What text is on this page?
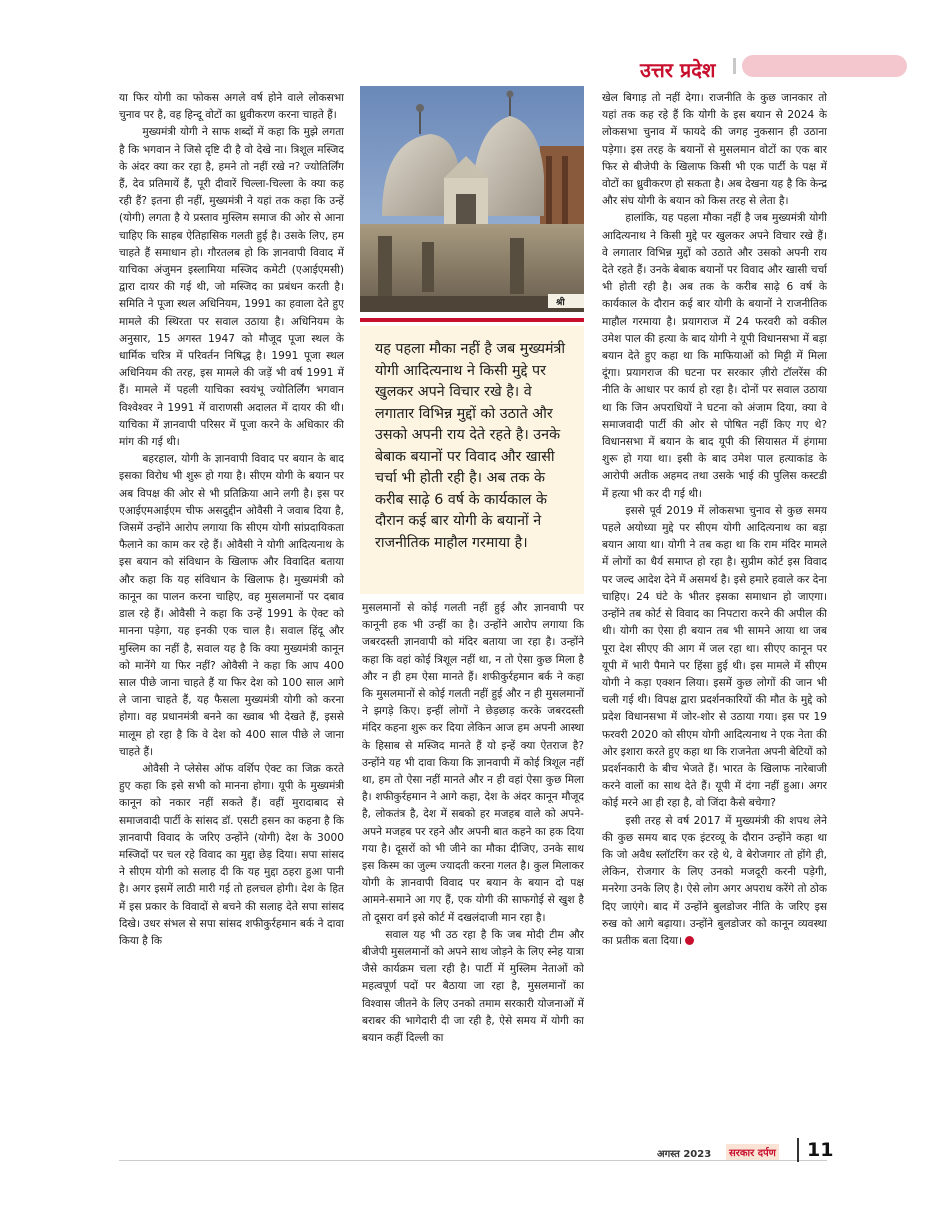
उत्तर प्रदेश

या फिर योगी का फोकस अगले वर्ष होने वाले लोकसभा चुनाव पर है, वह हिन्दू वोटों का ध्रुवीकरण करना चाहते हैं।

मुख्यमंत्री योगी ने साफ शब्दों में कहा कि मुझे लगता है कि भगवान ने जिसे दृष्टि दी है वो देखे ना। त्रिशूल मस्जिद के अंदर क्या कर रहा है, हमने तो नहीं रखे न? ज्योतिर्लिंग हैं, देव प्रतिमायें हैं, पूरी दीवारें चिल्ला-चिल्ला के क्या कह रही हैं? इतना ही नहीं, मुख्यमंत्री ने यहां तक कहा कि उन्हें (योगी) लगता है ये प्रस्ताव मुस्लिम समाज की ओर से आना चाहिए कि साहब ऐतिहासिक गलती हुई है। उसके लिए, हम चाहते हैं समाधान हो। गौरतलब हो कि ज्ञानवापी विवाद में याचिका अंजुमन इस्लामिया मस्जिद कमेटी (एआईएमसी) द्वारा दायर की गई थी, जो मस्जिद का प्रबंधन करती है। समिति ने पूजा स्थल अधिनियम, 1991 का हवाला देते हुए मामले की स्थिरता पर सवाल उठाया है। अधिनियम के अनुसार, 15 अगस्त 1947 को मौजूद पूजा स्थल के धार्मिक चरित्र में परिवर्तन निषिद्ध है। 1991 पूजा स्थल अधिनियम की तरह, इस मामले की जड़ें भी वर्ष 1991 में हैं। मामले में पहली याचिका स्वयंभू ज्योतिर्लिंग भगवान विश्वेश्वर ने 1991 में वाराणसी अदालत में दायर की थी। याचिका में ज्ञानवापी परिसर में पूजा करने के अधिकार की मांग की गई थी।

बहरहाल, योगी के ज्ञानवापी विवाद पर बयान के बाद इसका विरोध भी शुरू हो गया है। सीएम योगी के बयान पर अब विपक्ष की ओर से भी प्रतिक्रिया आने लगी है। इस पर एआईएमआईएम चीफ असदुद्दीन ओवैसी ने जवाब दिया है, जिसमें उन्होंने आरोप लगाया कि सीएम योगी सांप्रदायिकता फैलाने का काम कर रहे हैं। ओवैसी ने योगी आदित्यनाथ के इस बयान को संविधान के खिलाफ और विवादित बताया और कहा कि यह संविधान के खिलाफ है। मुख्यमंत्री को कानून का पालन करना चाहिए, वह मुसलमानों पर दबाव डाल रहे हैं। ओवैसी ने कहा कि उन्हें 1991 के ऐक्ट को मानना पड़ेगा, यह इनकी एक चाल है। सवाल हिंदू और मुस्लिम का नहीं है, सवाल यह है कि क्या मुख्यमंत्री कानून को मानेंगे या फिर नहीं? ओवैसी ने कहा कि आप 400 साल पीछे जाना चाहते हैं या फिर देश को 100 साल आगे ले जाना चाहते हैं, यह फैसला मुख्यमंत्री योगी को करना होगा। वह प्रधानमंत्री बनने का ख्वाब भी देखते हैं, इससे मालूम हो रहा है कि वे देश को 400 साल पीछे ले जाना चाहते हैं।

ओवैसी ने प्लेसेस ऑफ वर्शिप ऐक्ट का जिक्र करते हुए कहा कि इसे सभी को मानना होगा। यूपी के मुख्यमंत्री कानून को नकार नहीं सकते हैं। वहीं मुरादाबाद से समाजवादी पार्टी के सांसद डॉ. एसटी हसन का कहना है कि ज्ञानवापी विवाद के जरिए उन्होंने (योगी) देश के 3000 मस्जिदों पर चल रहे विवाद का मुद्दा छेड़ दिया। सपा सांसद ने सीएम योगी को सलाह दी कि यह मुद्दा ठहरा हुआ पानी है। अगर इसमें लाठी मारी गई तो हलचल होगी। देश के हित में इस प्रकार के विवादों से बचने की सलाह देते सपा सांसद दिखे। उधर संभल से सपा सांसद शफीकुर्रहमान बर्क ने दावा किया है कि

श्री
यह पहला मौका नहीं है जब मुख्यमंत्री योगी आदित्यनाथ ने किसी मुद्दे पर खुलकर अपने विचार रखे है। वे लगातार विभिन्न मुद्दों को उठाते और उसको अपनी राय देते रहते है। उनके बेबाक बयानों पर विवाद और खासी चर्चा भी होती रही है। अब तक के करीब साढ़े 6 वर्ष के कार्यकाल के दौरान कई बार योगी के बयानों ने राजनीतिक माहौल गरमाया है।

मुसलमानों से कोई गलती नहीं हुई और ज्ञानवापी पर कानूनी हक भी उन्हीं का है। उन्होंने आरोप लगाया कि जबरदस्ती ज्ञानवापी को मंदिर बताया जा रहा है। उन्होंने कहा कि वहां कोई त्रिशूल नहीं था, न तो ऐसा कुछ मिला है और न ही हम ऐसा मानते हैं। शफीकुर्रहमान बर्क ने कहा कि मुसलमानों से कोई गलती नहीं हुई और न ही मुसलमानों ने झगड़े किए। इन्हीं लोगों ने छेड़छाड़ करके जबरदस्ती मंदिर कहना शुरू कर दिया लेकिन आज हम अपनी आस्था के हिसाब से मस्जिद मानते हैं यो इन्हें क्या ऐतराज है? उन्होंने यह भी दावा किया कि ज्ञानवापी में कोई त्रिशूल नहीं था, हम तो ऐसा नहीं मानते और न ही वहां ऐसा कुछ मिला है। शफीकुर्रहमान ने आगे कहा, देश के अंदर कानून मौजूद है, लोकतंत्र है, देश में सबको हर मजहब वाले को अपने-अपने मजहब पर रहने और अपनी बात कहने का हक दिया गया है। दूसरों को भी जीने का मौका दीजिए, उनके साथ इस किस्म का जुल्म ज्यादती करना गलत है। कुल मिलाकर योगी के ज्ञानवापी विवाद पर बयान के बयान दो पक्ष आमने-समाने आ गए हैं, एक योगी की साफगोई से खुश है तो दूसरा वर्ग इसे कोर्ट में दखलंदाजी मान रहा है।

सवाल यह भी उठ रहा है कि जब मोदी टीम और बीजेपी मुसलमानों को अपने साथ जोड़ने के लिए स्नेह यात्रा जैसे कार्यक्रम चला रही है। पार्टी में मुस्लिम नेताओं को महत्वपूर्ण पदों पर बैठाया जा रहा है, मुसलमानों का विश्वास जीतने के लिए उनको तमाम सरकारी योजनाओं में बराबर की भागेदारी दी जा रही है, ऐसे समय में योगी का बयान कहीं दिल्ली का

खेल बिगाड़ तो नहीं देगा। राजनीति के कुछ जानकार तो यहां तक कह रहे हैं कि योगी के इस बयान से 2024 के लोकसभा चुनाव में फायदे की जगह नुकसान ही उठाना पड़ेगा। इस तरह के बयानों से मुसलमान वोटों का एक बार फिर से बीजेपी के खिलाफ किसी भी एक पार्टी के पक्ष में वोटों का ध्रुवीकरण हो सकता है। अब देखना यह है कि केन्द्र और संघ योगी के बयान को किस तरह से लेता है।

हालांकि, यह पहला मौका नहीं है जब मुख्यमंत्री योगी आदित्यनाथ ने किसी मुद्दे पर खुलकर अपने विचार रखे हैं। वे लगातार विभिन्न मुद्दों को उठाते और उसको अपनी राय देते रहते हैं। उनके बेबाक बयानों पर विवाद और खासी चर्चा भी होती रही है। अब तक के करीब साढ़े 6 वर्ष के कार्यकाल के दौरान कई बार योगी के बयानों ने राजनीतिक माहौल गरमाया है। प्रयागराज में 24 फरवरी को वकील उमेश पाल की हत्या के बाद योगी ने यूपी विधानसभा में बड़ा बयान देते हुए कहा था कि माफियाओं को मिट्टी में मिला दूंगा। प्रयागराज की घटना पर सरकार ज़ीरो टॉलरेंस की नीति के आधार पर कार्य हो रहा है। दोनों पर सवाल उठाया था कि जिन अपराधियों ने घटना को अंजाम दिया, क्या वे समाजवादी पार्टी की ओर से पोषित नहीं किए गए थे? विधानसभा में बयान के बाद यूपी की सियासत में हंगामा शुरू हो गया था। इसी के बाद उमेश पाल हत्याकांड के आरोपी अतीक अहमद तथा उसके भाई की पुलिस कस्टडी में हत्या भी कर दी गई थी।

इससे पूर्व 2019 में लोकसभा चुनाव से कुछ समय पहले अयोध्या मुद्दे पर सीएम योगी आदित्यनाथ का बड़ा बयान आया था। योगी ने तब कहा था कि राम मंदिर मामले में लोगों का धैर्य समाप्त हो रहा है। सुप्रीम कोर्ट इस विवाद पर जल्द आदेश देने में असमर्थ है। इसे हमारे हवाले कर देना चाहिए। 24 घंटे के भीतर इसका समाधान हो जाएगा। उन्होंने तब कोर्ट से विवाद का निपटारा करने की अपील की थी। योगी का ऐसा ही बयान तब भी सामने आया था जब पूरा देश सीएए की आग में जल रहा था। सीएए कानून पर यूपी में भारी पैमाने पर हिंसा हुई थी। इस मामले में सीएम योगी ने कड़ा एक्शन लिया। इसमें कुछ लोगों की जान भी चली गई थी। विपक्ष द्वारा प्रदर्शनकारियों की मौत के मुद्दे को प्रदेश विधानसभा में जोर-शोर से उठाया गया। इस पर 19 फरवरी 2020 को सीएम योगी आदित्यनाथ ने एक नेता की ओर इशारा करते हुए कहा था कि राजनेता अपनी बेटियों को प्रदर्शनकारी के बीच भेजते हैं। भारत के खिलाफ नारेबाजी करने वालों का साथ देते हैं। यूपी में दंगा नहीं हुआ। अगर कोई मरने आ ही रहा है, वो जिंदा कैसे बचेगा?

इसी तरह से वर्ष 2017 में मुख्यमंत्री की शपथ लेने की कुछ समय बाद एक इंटरव्यू के दौरान उन्होंने कहा था कि जो अवैध स्लॉटरिंग कर रहे थे, वे बेरोजगार तो होंगे ही, लेकिन, रोजगार के लिए उनको मजदूरी करनी पड़ेगी, मनरेगा उनके लिए है। ऐसे लोग अगर अपराध करेंगे तो ठोक दिए जाएंगे। बाद में उन्होंने बुलडोजर नीति के जरिए इस रुख को आगे बढ़ाया। उन्होंने बुलडोजर को कानून व्यवस्था का प्रतीक बता दिया।

अगस्त 2023	सरकार दर्पण 11
